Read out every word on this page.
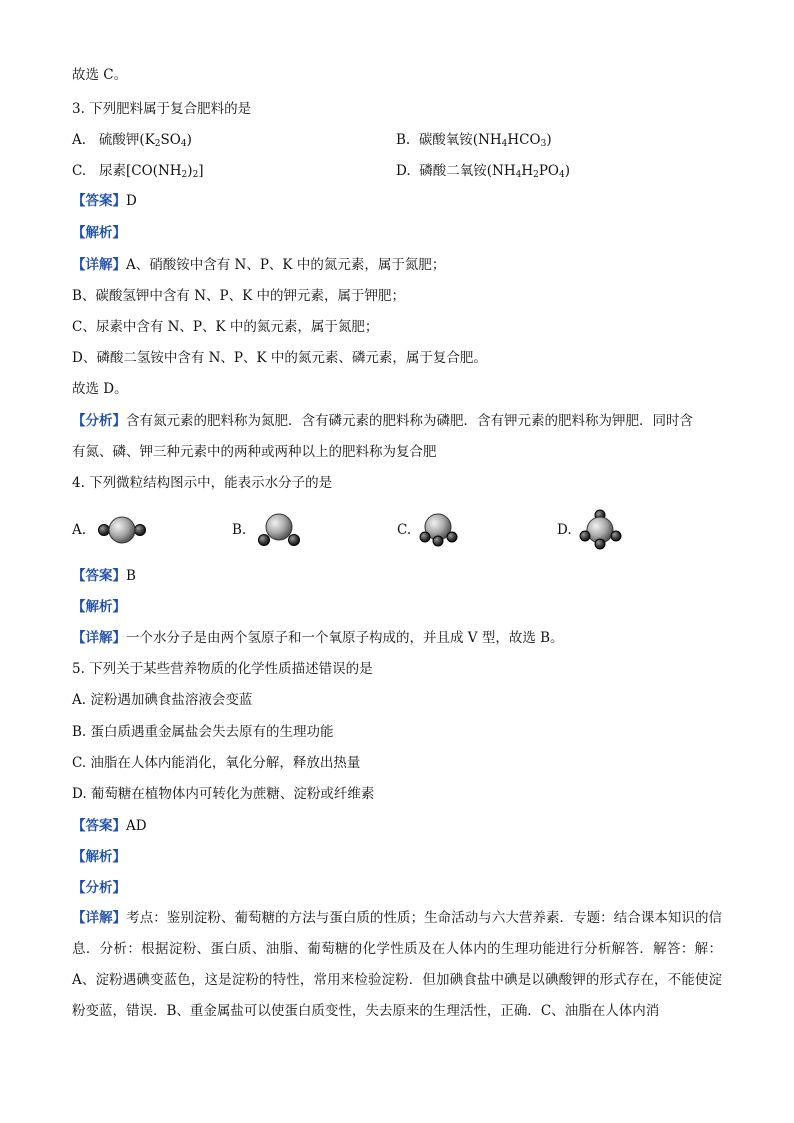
故选 C。
3. 下列肥料属于复合肥料的是
A. 硫酸钾$(K_2SO_4)$	B. 碳酸氧铵$(NH_4HCO_3)$
C. 尿素$[CO(NH_2)_2]$	D. 磷酸二氧铵$(NH_4H_2PO_4)$
【答案】D
【解析】
【详解】A、硝酸铵中含有 N、P、K 中的氮元素，属于氮肥；
B、碳酸氢钾中含有 N、P、K 中的钾元素，属于钾肥；
C、尿素中含有 N、P、K 中的氮元素，属于氮肥；
D、磷酸二氢铵中含有 N、P、K 中的氮元素、磷元素，属于复合肥。
故选 D。
【分析】含有氮元素的肥料称为氮肥．含有磷元素的肥料称为磷肥．含有钾元素的肥料称为钾肥．同时含
有氮、磷、钾三种元素中的两种或两种以上的肥料称为复合肥
4. 下列微粒结构图示中，能表示水分子的是
A.	B.	C.	D.
【答案】B
【解析】
【详解】一个水分子是由两个氢原子和一个氧原子构成的，并且成 V 型，故选 B。
5. 下列关于某些营养物质的化学性质描述错误的是
A. 淀粉遇加碘食盐溶液会变蓝
B. 蛋白质遇重金属盐会失去原有的生理功能
C. 油脂在人体内能消化，氧化分解，释放出热量
D. 葡萄糖在植物体内可转化为蔗糖、淀粉或纤维素
【答案】AD
【解析】
【分析】
【详解】考点：鉴别淀粉、葡萄糖的方法与蛋白质的性质；生命活动与六大营养素．专题：结合课本知识的信息．分析：根据淀粉、蛋白质、油脂、葡萄糖的化学性质及在人体内的生理功能进行分析解答．解答：解：A、淀粉遇碘变蓝色，这是淀粉的特性，常用来检验淀粉．但加碘食盐中碘是以碘酸钾的形式存在，不能使淀粉变蓝，错误．B、重金属盐可以使蛋白质变性，失去原来的生理活性，正确．C、油脂在人体内消
